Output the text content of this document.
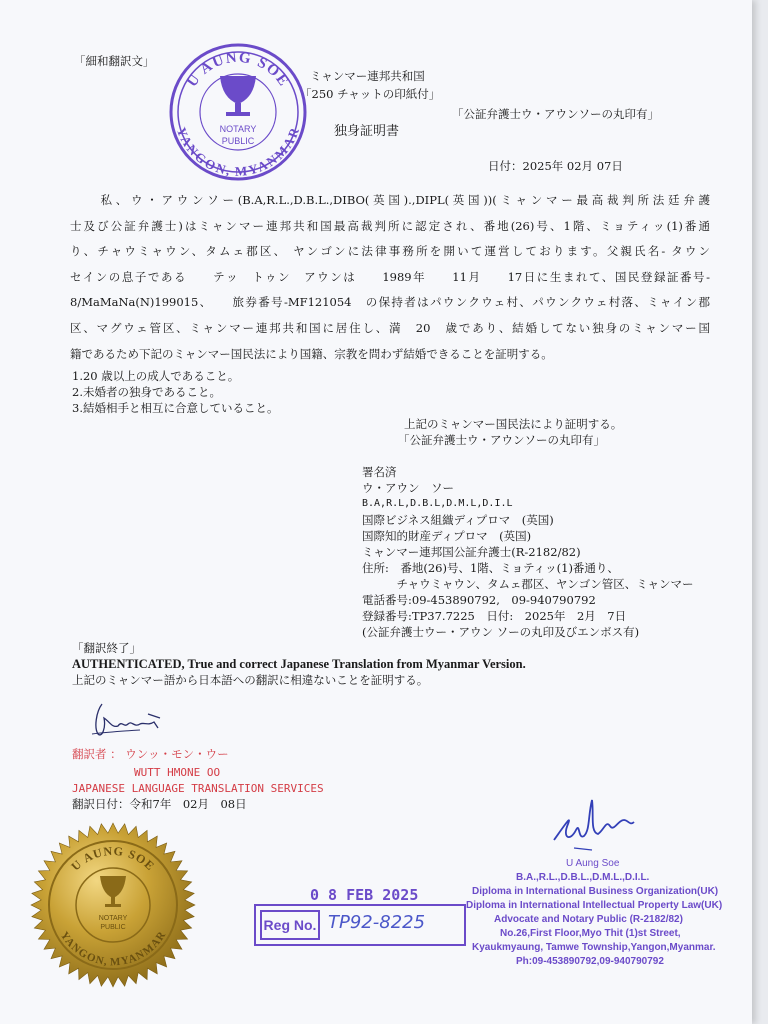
「細和翻訳文」
U AUNG SOE
YANGON, MYANMAR
NOTARY
PUBLIC
ミャンマー連邦共和国
「250 チャットの印紙付」
「公証弁護士ウ・アウンソーの丸印有」
独身証明書
日付：2025年 02月 07日
　　私、ウ・アウンソー(B.A,R.L.,D.B.L.,DIBO(英国).,DIPL(英国))(ミャンマー最高裁判所法廷弁護
士及び公証弁護士)はミャンマー連邦共和国最高裁判所に認定され、番地(26)号、1階、ミョティッ(1)番通
り、チャウミャウン、タムェ郡区、 ヤンゴンに法律事務所を開いて運営しております。父親氏名- タウン
セインの息子である　　テッ　トゥン　アウンは　　1989年　　11月　　17日に生まれて、国民登録証番号-
8/MaMaNa(N)199015、　　旅券番号-MF121054　の保持者はパウンクウェ村、パウンクウェ村落、ミャイン郡
区、マグウェ管区、ミャンマー連邦共和国に居住し、満　20　歳であり、結婚してない独身のミャンマー国
籍であるため下記のミャンマー国民法により国籍、宗教を問わず結婚できることを証明する。
1.20 歳以上の成人であること。
2.未婚者の独身であること。
3.結婚相手と相互に合意していること。
上記のミャンマー国民法により証明する。
「公証弁護士ウ・アウンソーの丸印有」
署名済
ウ・アウン　ソー
B.A,R.L,D.B.L,D.M.L,D.I.L
国際ビジネス組織ディプロマ　(英国)
国際知的財産ディプロマ　(英国)
ミャンマー連邦国公証弁護士(R-2182/82)
住所:　番地(26)号、1階、ミョティッ(1)番通り、
　　　チャウミャウン、タムェ郡区、ヤンゴン管区、ミャンマー
電話番号:09-453890792,　09-940790792
登録番号:TP37.7225　日付:　2025年　2月　7日
(公証弁護士ウー・アウン ソーの丸印及びエンボス有)
「翻訳終了」
AUTHENTICATED, True and correct Japanese Translation from Myanmar Version.
上記のミャンマー語から日本語への翻訳に相違ないことを証明する。
翻訳者 ： ウンッ・モン・ウー
WUTT HMONE OO
JAPANESE LANGUAGE TRANSLATION SERVICES
翻訳日付：令和7年　02月　08日
U AUNG SOE
YANGON, MYANMAR
NOTARY
PUBLIC
0 8 FEB 2025
Reg No. TP92-8225
U Aung Soe
B.A.,R.L.,D.B.L.,D.M.L.,D.I.L.
Diploma in International Business Organization(UK)
Diploma in International Intellectual Property Law(UK)
Advocate and Notary Public (R-2182/82)
No.26,First Floor,Myo Thit (1)st Street,
Kyaukmyaung, Tamwe Township,Yangon,Myanmar.
Ph:09-453890792,09-940790792
